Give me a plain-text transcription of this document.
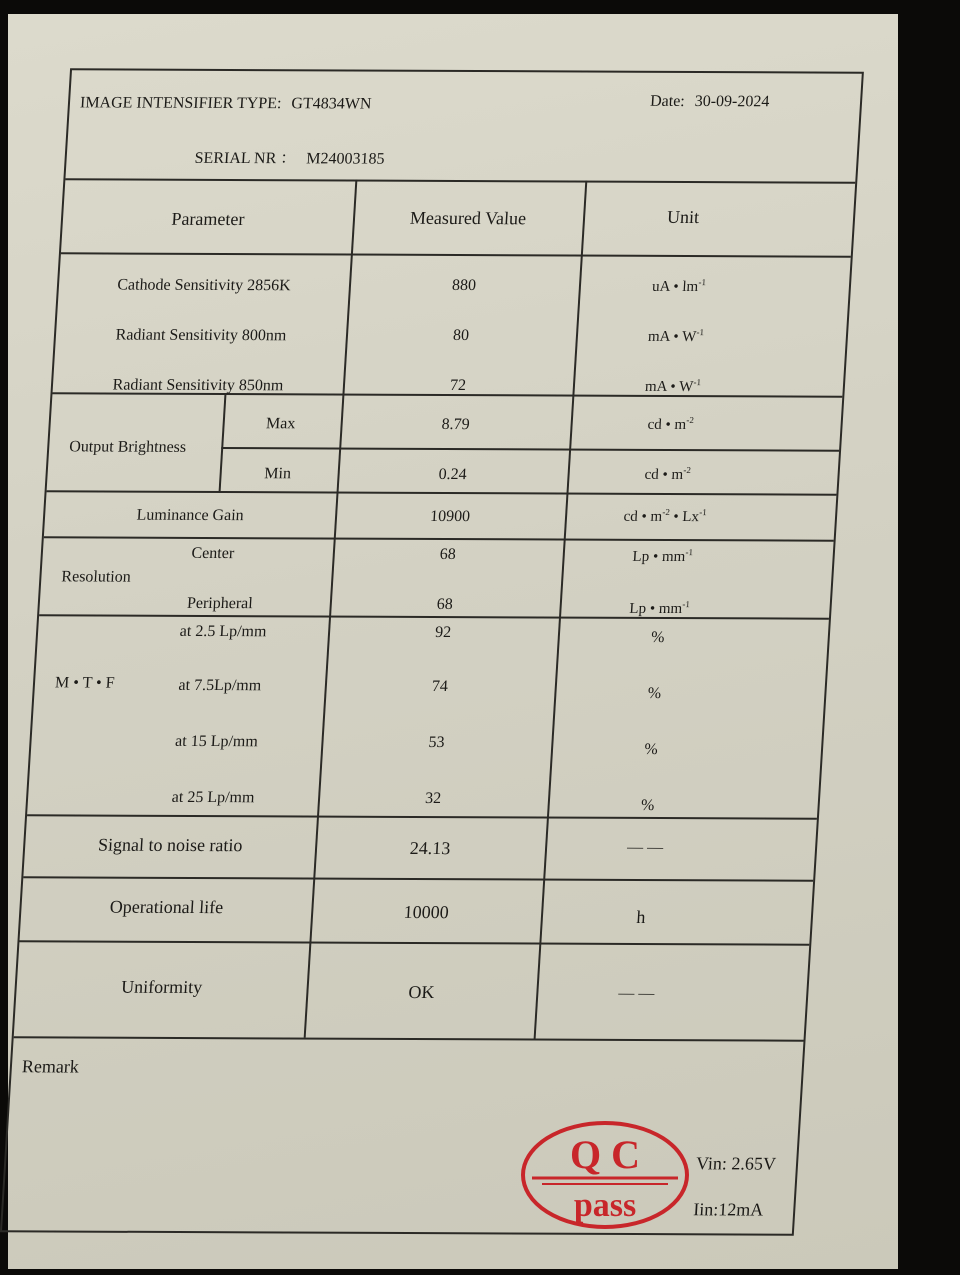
IMAGE INTENSIFIER TYPE: GT4834WN	Date: 30-09-2024
SERIAL NR ： M24003185
Parameter	Measured Value	Unit
Cathode Sensitivity 2856K	880	uA • $lm^{-1}$
Radiant Sensitivity 800nm	80	mA • $W^{-1}$
Radiant Sensitivity 850nm	72	mA • $W^{-1}$
Output Brightness
Max	8.79	cd • $m^{-2}$
Min	0.24	cd • $m^{-2}$
Luminance Gain	10900	cd • $m^{-2}$ • $Lx^{-1}$
Resolution
Center	68	Lp • $mm^{-1}$
Peripheral	68	Lp • $mm^{-1}$
M • T • F
at 2.5 Lp/mm	92	%
at 7.5Lp/mm	74	%
at 15 Lp/mm	53	%
at 25 Lp/mm	32	%
Signal to noise ratio	24.13	— —
Operational life	10000	h
Uniformity	OK	— —
Remark
Vin: 2.65V
Iin:12mA
Q C
pass
